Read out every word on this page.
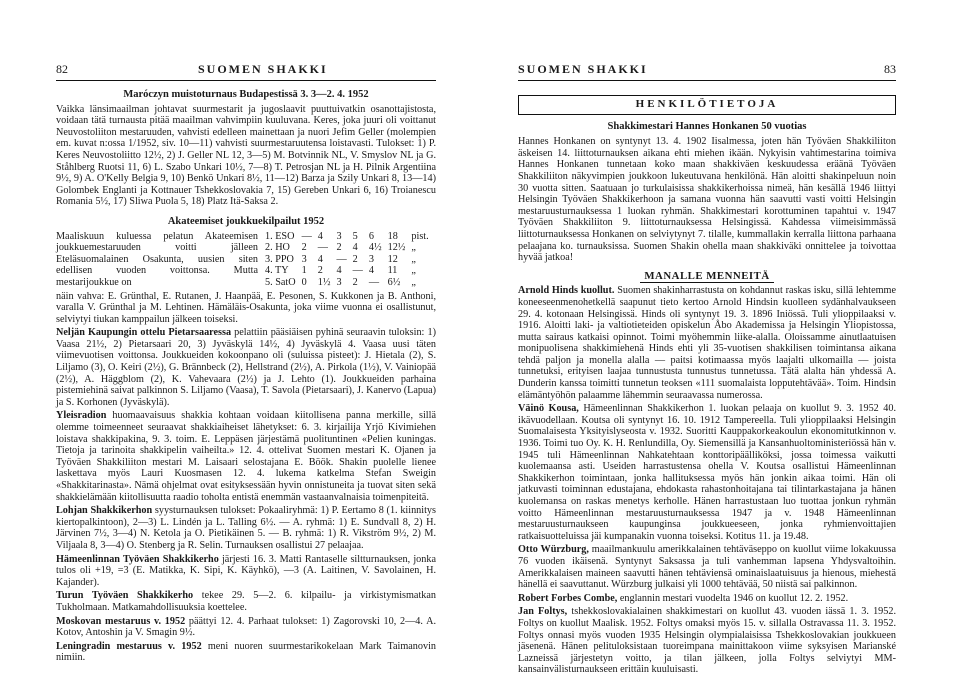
82	SUOMEN SHAKKI
Maróczyn muistoturnaus Budapestissä 3. 3—2. 4. 1952

Vaikka länsimaailman johtavat suurmestarit ja jugoslaavit puuttuivatkin osanottajistosta, voidaan tätä turnausta pitää maailman vahvimpiin kuuluvana. Keres, joka juuri oli voittanut Neuvostoliiton mestaruuden, vahvisti edelleen mainettaan ja nuori Jefim Geller (molempien em. kuvat n:ossa 1/1952, siv. 10—11) vahvisti suurmestaruutensa loistavasti. Tulokset: 1) P. Keres Neuvostoliitto 12½, 2) J. Geller NL 12, 3—5) M. Botvinnik NL, V. Smyslov NL ja G. Ståhlberg Ruotsi 11, 6) L. Szabo Unkari 10½, 7—8) T. Petrosjan NL ja H. Pilnik Argentiina 9½, 9) A. O'Kelly Belgia 9, 10) Benkö Unkari 8½, 11—12) Barza ja Szily Unkari 8, 13—14) Golombek Englanti ja Kottnauer Tshekkoslovakia 7, 15) Gereben Unkari 6, 16) Troianescu Romania 5½, 17) Sliwa Puola 5, 18) Platz Itä-Saksa 2.

Akateemiset joukkuekilpailut 1952
Maaliskuun kuluessa pelatun Akateemisen joukkuemestaruuden voitti jälleen Eteläsuomalainen Osakunta, uusien siten edellisen vuoden voittonsa. Mutta mestarijoukkue on
1. ESO	—	4	3	5	6	18	pist.
2. HO	2	—	2	4	4½	12½	„
3. PPO	3	4	—	2	3	12	„
4. TY	1	2	4	—	4	11	„
5. SatO	0	1½	3	2	—	6½	„

näin vahva: E. Grünthal, E. Rutanen, J. Haanpää, E. Pesonen, S. Kukkonen ja B. Anthoni, varalla V. Grünthal ja M. Lehtinen. Hämäläis-Osakunta, joka viime vuonna ei osallistunut, selviytyi tiukan kamppailun jälkeen toiseksi.

Neljän Kaupungin ottelu Pietarsaaressa pelattiin pääsiäisen pyhinä seuraavin tuloksin: 1) Vaasa 21½, 2) Pietarsaari 20, 3) Jyväskylä 14½, 4) Jyväskylä 4. Vaasa uusi täten viimevuotisen voittonsa. Joukkueiden kokoonpano oli (suluissa pisteet): J. Hietala (2), S. Liljamo (3), O. Keiri (2½), G. Brännbeck (2), Hellstrand (2½), A. Pirkola (1½), V. Vainiopää (2½), A. Häggblom (2), K. Vahevaara (2½) ja J. Lehto (1). Joukkueiden parhaina pistemiehinä saivat palkinnon S. Liljamo (Vaasa), T. Savola (Pietarsaari), J. Kanervo (Lapua) ja S. Korhonen (Jyväskylä).

Yleisradion huomaavaisuus shakkia kohtaan voidaan kiitollisena panna merkille, sillä olemme toimeenneet seuraavat shakkiaiheiset lähetykset: 6. 3. kirjailija Yrjö Kivimiehen loistava shakkipakina, 9. 3. toim. E. Leppäsen järjestämä puolituntinen «Pelien kuningas. Tietoja ja tarinoita shakkipelin vaiheilta.» 12. 4. ottelivat Suomen mestari K. Ojanen ja Työväen Shakkiliiton mestari M. Laisaari selostajana E. Böök. Shakin puolelle lienee laskettava myös Lauri Kuosmasen 12. 4. lukema katkelma Stefan Sweigin «Shakkitarinasta». Nämä ohjelmat ovat esityksessään hyvin onnistuneita ja tuovat siten sekä shakkielämään kiitollisuutta raadio toholta entistä enemmän vastaanvalnaisia toimenpiteitä.

Lohjan Shakkikerhon syysturnauksen tulokset: Pokaaliryhmä: 1) P. Eertamo 8 (1. kiinnitys kiertopalkintoon), 2—3) L. Lindén ja L. Talling 6½. — A. ryhmä: 1) E. Sundvall 8, 2) H. Järvinen 7½, 3—4) N. Ketola ja O. Pietikäinen 5. — B. ryhmä: 1) R. Vikström 9½, 2) M. Viljaala 8, 3—4) O. Stenberg ja R. Selin. Turnauksen osallistui 27 pelaajaa.

Hämeenlinnan Työväen Shakkikerho järjesti 16. 3. Matti Rantaselle siltturnauksen, jonka tulos oli +19, =3 (E. Matikka, K. Sipi, K. Käyhkö), —3 (A. Laitinen, V. Savolainen, H. Kajander).

Turun Työväen Shakkikerho tekee 29. 5—2. 6. kilpailu- ja virkistymismatkan Tukholmaan. Matkamahdollisuuksia koettelee.

Moskovan mestaruus v. 1952 päättyi 12. 4. Parhaat tulokset: 1) Zagorovski 10, 2—4. A. Kotov, Antoshin ja V. Smagin 9½.

Leningradin mestaruus v. 1952 meni nuoren suurmestarikokelaan Mark Taimanovin nimiin.

SUOMEN SHAKKI	83
HENKILÖTIETOJA
Shakkimestari Hannes Honkanen 50 vuotias

Hannes Honkanen on syntynyt 13. 4. 1902 Iisalmessa, joten hän Työväen Shakkiliiton äskeisen 14. liittoturnauksen aikana ehti miehen ikään. Nykyisin vahtimestarina toimiva Hannes Honkanen tunnetaan koko maan shakkiväen keskuudessa eräänä Työväen Shakkiliiton näkyvimpien joukkoon lukeutuvana henkilönä. Hän aloitti shakinpeluun noin 30 vuotta sitten. Saatuaan jo turkulaisissa shakkikerhoissa nimeä, hän kesällä 1946 liittyi Helsingin Työväen Shakkikerhoon ja samana vuonna hän saavutti vasti voitti Helsingin mestaruusturnauksessa 1 luokan ryhmän. Shakkimestari korottuminen tapahtui v. 1947 Työväen Shakkiliiton 9. liittoturnauksessa Helsingissä. Kahdessa viimeisimmässä liittoturnauksessa Honkanen on selviytynyt 7. tilalle, kummallakin kerralla liittona parhaana pelaajana ko. turnauksissa. Suomen Shakin ohella maan shakkiväki onnittelee ja toivottaa hyvää jatkoa!

MANALLE MENNEITÄ

Arnold Hinds kuollut. Suomen shakinharrastusta on kohdannut raskas isku, sillä lehtemme koneeseenmenohetkellä saapunut tieto kertoo Arnold Hindsin kuolleen sydänhalvaukseen 29. 4. kotonaan Helsingissä. Hinds oli syntynyt 19. 3. 1896 Iniössä. Tuli ylioppilaaksi v. 1916. Aloitti laki- ja valtiotieteiden opiskelun Åbo Akademissa ja Helsingin Yliopistossa, mutta sairaus katkaisi opinnot. Toimi myöhemmin liike-alalla. Oloissamme ainutlaatuisen monipuolisena shakkimiehenä Hinds ehti yli 35-vuotisen shakkilisen toimintansa aikana tehdä paljon ja monella alalla — paitsi kotimaassa myös laajalti ulkomailla — joista tunnetuksi, erityisen laajaa tunnustusta tunnustus tunnetussa. Tätä alalta hän yhdessä A. Dunderin kanssa toimitti tunnetun teoksen «111 suomalaista lopputehtävää». Toim. Hindsin elämäntyöhön palaamme lähemmin seuraavassa numerossa.

Väinö Kousa, Hämeenlinnan Shakkikerhon 1. luokan pelaaja on kuollut 9. 3. 1952 40. ikävuodellaan. Koutsa oli syntynyt 16. 10. 1912 Tampereella. Tuli ylioppilaaksi Helsingin Suomalaisesta Yksityislyseosta v. 1932. Suoritti Kauppakorkeakoulun ekonomitutkinnon v. 1936. Toimi tuo Oy. K. H. Renlundilla, Oy. Siemensillä ja Kansanhuoltoministeriössä hän v. 1945 tuli Hämeenlinnan Nahkatehtaan konttoripäälliköksi, jossa toimessa vaikutti kuolemaansa asti. Useiden harrastustensa ohella V. Koutsa osallistui Hämeenlinnan Shakkikerhon toimintaan, jonka hallituksessa myös hän jonkin aikaa toimi. Hän oli jatkuvasti toiminnan edustajana, ehdokasta rahastonhoitajana tai tilintarkastajana ja hänen kuolemansa on raskas menetys kerholle. Hänen harrastustaan luo tuottaa jonkun ryhmän voitto Hämeenlinnan mestaruusturnauksessa 1947 ja v. 1948 Hämeenlinnan mestaruusturnaukseen kaupunginsa joukkueeseen, jonka ryhmienvoittajien ratkaisuotteluissa jäi kumpanakin vuonna toiseksi. Kotitus 11. ja 19.48.

Otto Würzburg, maailmankuulu amerikkalainen tehtäväseppo on kuollut viime lokakuussa 76 vuoden ikäisenä. Syntynyt Saksassa ja tuli vanhemman lapsena Yhdysvaltoihin. Amerikkalaisen maineen saavutti hänen tehtäviensä ominaislaatuisuus ja hienous, miehestä hänellä ei saavuttanut. Würzburg julkaisi yli 1000 tehtävää, 50 niistä sai palkinnon.

Robert Forbes Combe, englannin mestari vuodelta 1946 on kuollut 12. 2. 1952.

Jan Foltys, tshekkoslovakialainen shakkimestari on kuollut 43. vuoden iässä 1. 3. 1952. Foltys on kuollut Maalisk. 1952. Foltys omaksi myös 15. v. sillalla Ostravassa 11. 3. 1952. Foltys onnasi myös vuoden 1935 Helsingin olympialaisissa Tshekkoslovakian joukkueen jäsenenä. Hänen pelituloksistaan tuoreimpana mainittakoon viime syksyisen Marianské Lazneissä järjestetyn voitto, ja tilan jälkeen, jolla Foltys selviytyi MM-kansainvälisturnaukseen erittäin kuuluisasti.
